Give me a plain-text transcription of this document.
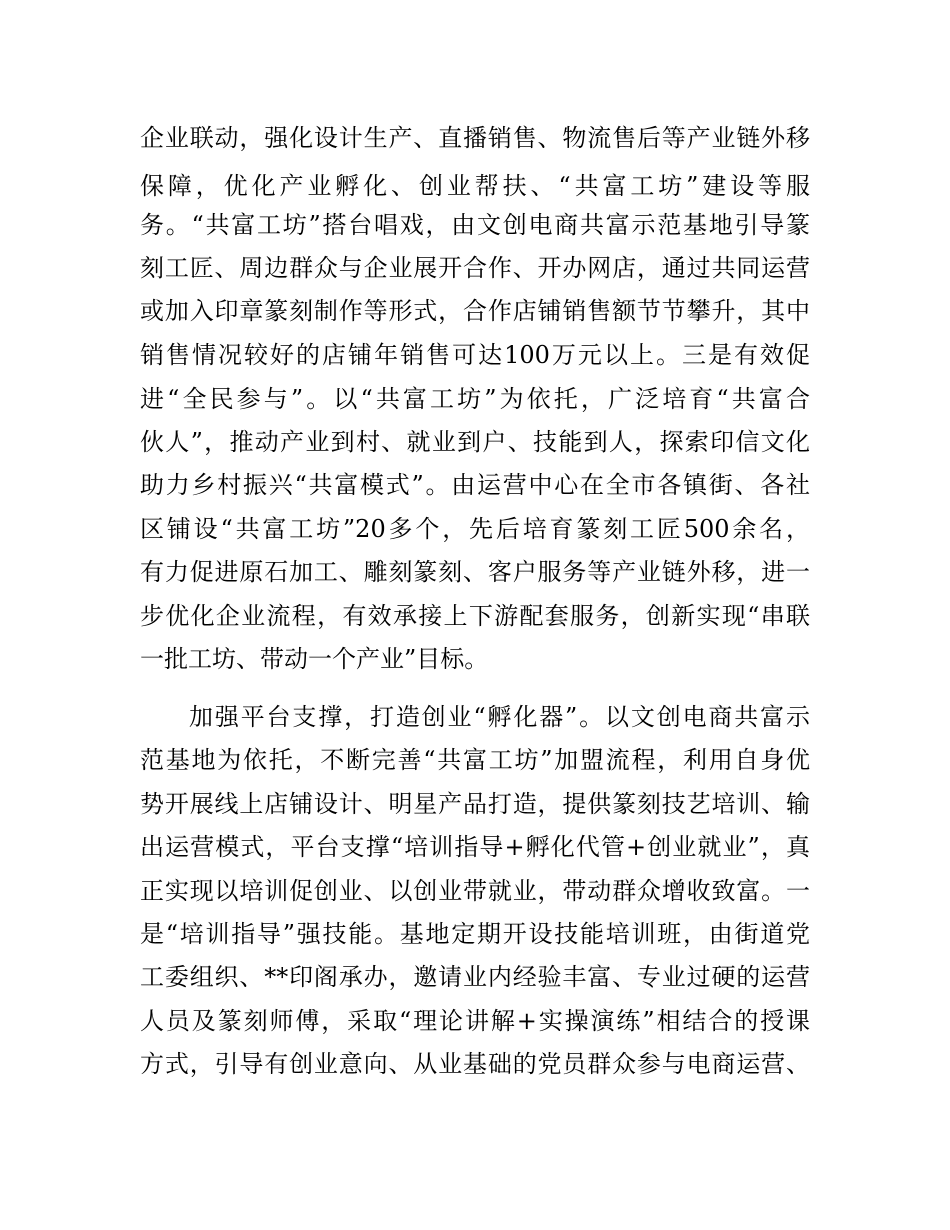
企业联动，强化设计生产、直播销售、物流售后等产业链外移
保障，优化产业孵化、创业帮扶、“共富工坊”建设等服
务。“共富工坊”搭台唱戏，由文创电商共富示范基地引导篆
刻工匠、周边群众与企业展开合作、开办网店，通过共同运营
或加入印章篆刻制作等形式，合作店铺销售额节节攀升，其中
销售情况较好的店铺年销售可达100万元以上。三是有效促
进“全民参与”。以“共富工坊”为依托，广泛培育“共富合
伙人”，推动产业到村、就业到户、技能到人，探索印信文化
助力乡村振兴“共富模式”。由运营中心在全市各镇街、各社
区铺设“共富工坊”20多个，先后培育篆刻工匠500余名，
有力促进原石加工、雕刻篆刻、客户服务等产业链外移，进一
步优化企业流程，有效承接上下游配套服务，创新实现“串联
一批工坊、带动一个产业”目标。
加强平台支撑，打造创业“孵化器”。以文创电商共富示
范基地为依托，不断完善“共富工坊”加盟流程，利用自身优
势开展线上店铺设计、明星产品打造，提供篆刻技艺培训、输
出运营模式，平台支撑“培训指导+孵化代管+创业就业”，真
正实现以培训促创业、以创业带就业，带动群众增收致富。一
是“培训指导”强技能。基地定期开设技能培训班，由街道党
工委组织、**印阁承办，邀请业内经验丰富、专业过硬的运营
人员及篆刻师傅，采取“理论讲解+实操演练”相结合的授课
方式，引导有创业意向、从业基础的党员群众参与电商运营、
